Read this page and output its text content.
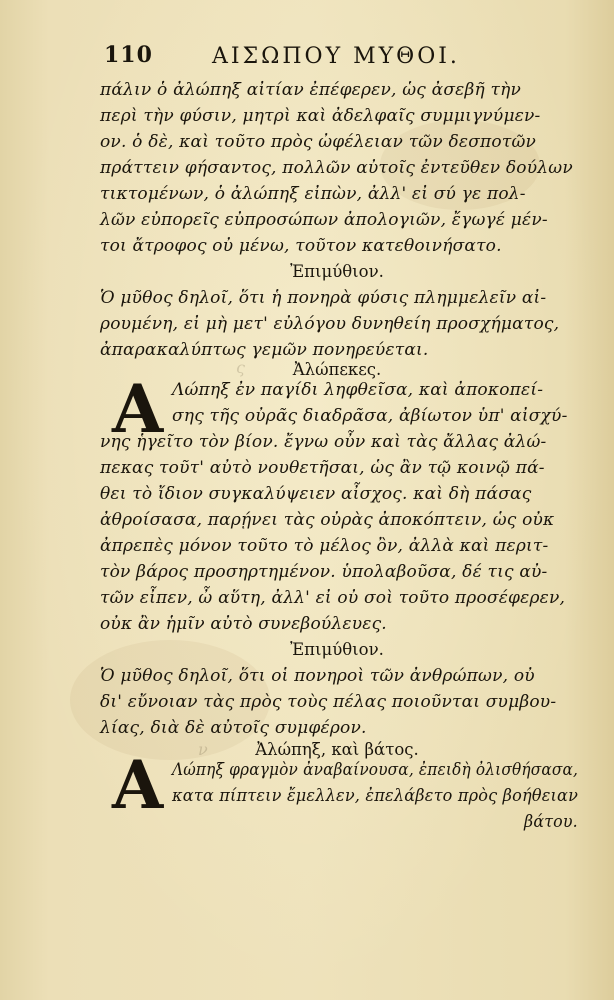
110	ΑΙΣΩΠΟΥ ΜΥΘΟΙ.
πάλιν ὁ ἀλώπηξ αἰτίαν ἐπέφερεν, ὡς ἀσεβῆ τὴν
περὶ τὴν φύσιν, μητρὶ καὶ ἀδελφαῖς συμμιγνύμεν-
ον. ὁ δὲ, καὶ τοῦτο πρὸς ὠφέλειαν τῶν δεσποτῶν
πράττειν φήσαντος, πολλῶν αὐτοῖς ἐντεῦθεν δούλων
τικτομένων, ὁ ἀλώπηξ εἰπὼν, ἀλλ' εἰ σύ γε πολ-
λῶν εὐπορεῖς εὐπροσώπων ἀπολογιῶν, ἔγωγέ μέν-
τοι ἄτροφος οὐ μένω, τοῦτον κατεθοινήσατο.
Ἐπιμύθιον.
Ὁ μῦθος δηλοῖ, ὅτι ἡ πονηρὰ φύσις πλημμελεῖν αἰ-
ρουμένη, εἰ μὴ μετ' εὐλόγου δυνηθείη προσχήματος,
ἀπαρακαλύπτως γεμῶν πονηρεύεται.
Ἀλώπεκες.
ς
Α Λώπηξ ἐν παγίδι ληφθεῖσα, καὶ ἀποκοπεί-
σης τῆς οὐρᾶς διαδρᾶσα, ἀβίωτον ὑπ' αἰσχύ-
νης ἡγεῖτο τὸν βίον. ἔγνω οὖν καὶ τὰς ἄλλας ἀλώ-
πεκας τοῦτ' αὐτὸ νουθετῆσαι, ὡς ἂν τῷ κοινῷ πά-
θει τὸ ἴδιον συγκαλύψειεν αἶσχος. καὶ δὴ πάσας
ἀθροίσασα, παρῄνει τὰς οὐρὰς ἀποκόπτειν, ὡς οὐκ
ἀπρεπὲς μόνον τοῦτο τὸ μέλος ὂν, ἀλλὰ καὶ περιτ-
τὸν βάρος προσηρτημένον. ὑπολαβοῦσα, δέ τις αὐ-
τῶν εἶπεν, ὦ αὕτη, ἀλλ' εἰ οὐ σοὶ τοῦτο προσέφερεν,
οὐκ ἂν ἡμῖν αὐτὸ συνεβούλευες.
Ἐπιμύθιον.
Ὁ μῦθος δηλοῖ, ὅτι οἱ πονηροὶ τῶν ἀνθρώπων, οὐ
δι' εὔνοιαν τὰς πρὸς τοὺς πέλας ποιοῦνται συμβου-
λίας, διὰ δὲ αὐτοῖς συμφέρον.
Ἀλώπηξ, καὶ βάτος.
ν
Α Λώπηξ φραγμὸν ἀναβαίνουσα, ἐπειδὴ ὀλισθήσασα,
κατα πίπτειν ἔμελλεν, ἐπελάβετο πρὸς βοήθειαν
βάτου.
